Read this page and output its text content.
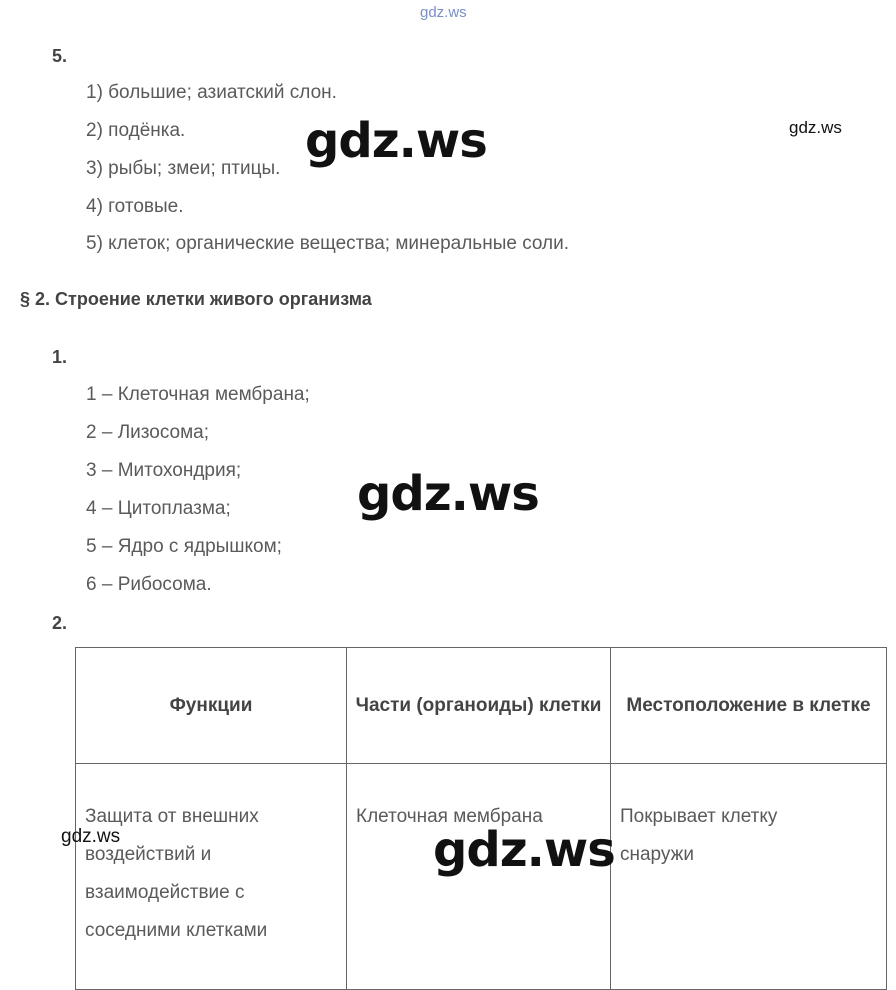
gdz.ws
5.
1) большие; азиатский слон.
2) подёнка.
3) рыбы; змеи; птицы.
4) готовые.
5) клеток; органические вещества; минеральные соли.
gdz.ws	gdz.ws
§ 2. Строение клетки живого организма
1.
1 – Клеточная мембрана;
2 – Лизосома;
3 – Митохондрия;
4 – Цитоплазма;
5 – Ядро с ядрышком;
6 – Рибосома.
gdz.ws
2.
Функции	Части (органоиды) клетки	Местоположение в клетке
Защита от внешних воздействий и взаимодействие с соседними клетками	Клеточная мембрана	Покрывает клетку снаружи
gdz.ws	gdz.ws
